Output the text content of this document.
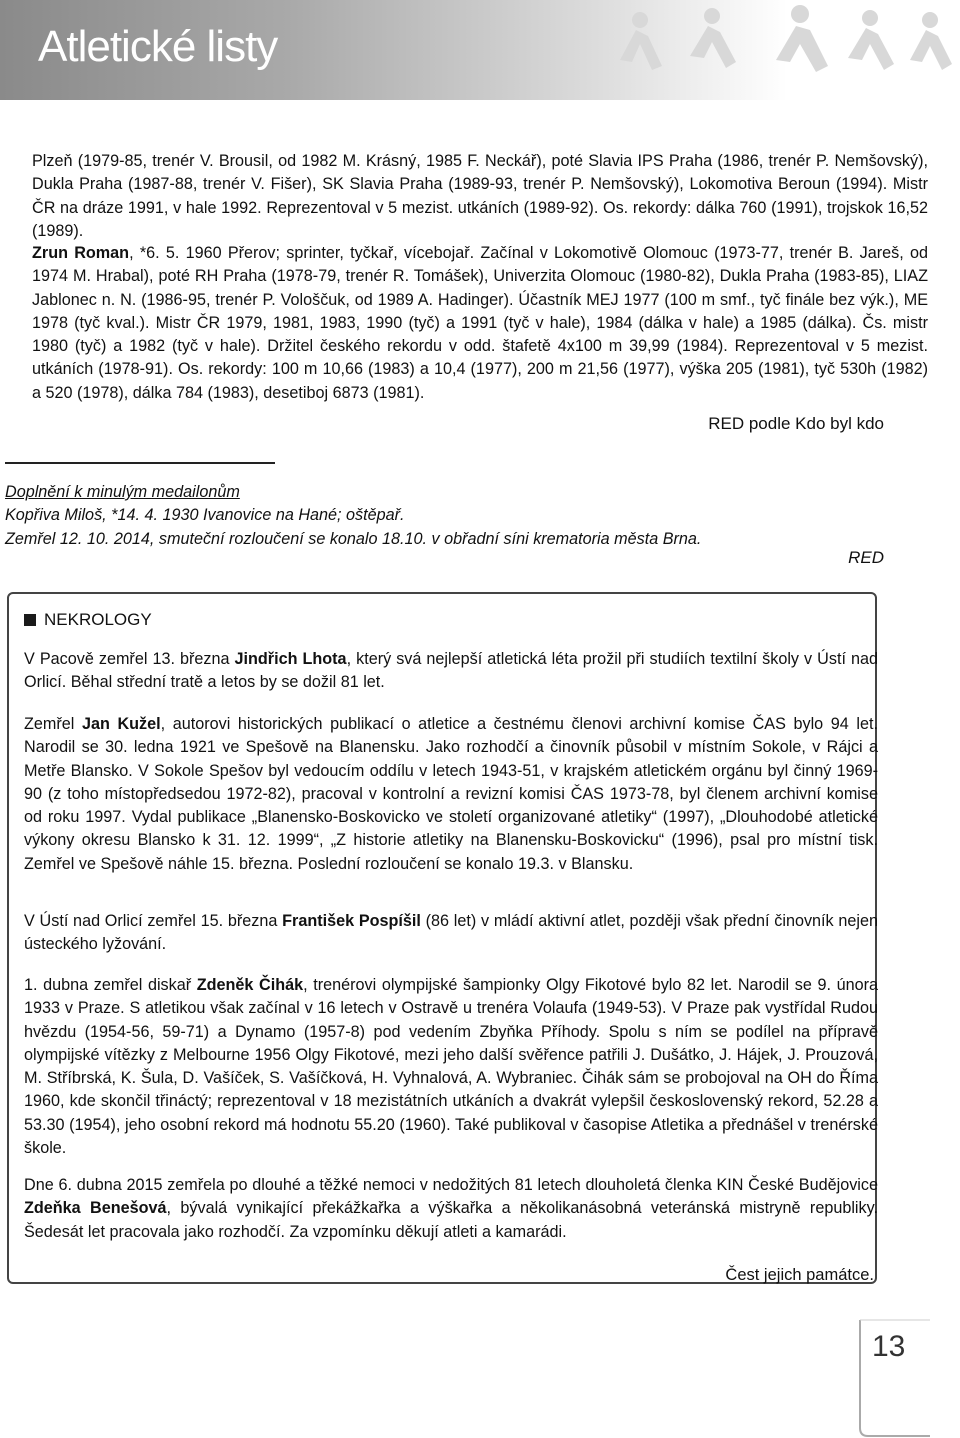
Atletické listy

Plzeň (1979-85, trenér V. Brousil, od 1982 M. Krásný, 1985 F. Neckář), poté Slavia IPS Praha (1986, trenér P. Nemšovský), Dukla Praha (1987-88, trenér V. Fišer), SK Slavia Praha (1989-93, trenér P. Nemšovský), Lokomotiva Beroun (1994). Mistr ČR na dráze 1991, v hale 1992. Reprezentoval v 5 mezist. utkáních (1989-92). Os. rekordy: dálka 760 (1991), trojskok 16,52 (1989).

Zrun Roman, *6. 5. 1960 Přerov; sprinter, tyčkař, vícebojař. Začínal v Lokomotivě Olomouc (1973-77, trenér B. Jareš, od 1974 M. Hrabal), poté RH Praha (1978-79, trenér R. Tomášek), Univerzita Olomouc (1980-82), Dukla Praha (1983-85), LIAZ Jablonec n. N. (1986-95, trenér P. Vološčuk, od 1989 A. Hadinger). Účastník MEJ 1977 (100 m smf., tyč finále bez výk.), ME 1978 (tyč kval.). Mistr ČR 1979, 1981, 1983, 1990 (tyč) a 1991 (tyč v hale), 1984 (dálka v hale) a 1985 (dálka). Čs. mistr 1980 (tyč) a 1982 (tyč v hale). Držitel českého rekordu v odd. štafetě 4x100 m 39,99 (1984). Reprezentoval v 5 mezist. utkáních (1978-91). Os. rekordy: 100 m 10,66 (1983) a 10,4 (1977), 200 m 21,56 (1977), výška 205 (1981), tyč 530h (1982) a 520 (1978), dálka 784 (1983), desetiboj 6873 (1981).

RED podle Kdo byl kdo
Doplnění k minulým medailonům
Kopřiva Miloš, *14. 4. 1930 Ivanovice na Hané; oštěpař.
Zemřel 12. 10. 2014, smuteční rozloučení se konalo 18.10. v obřadní síni krematoria města Brna.
RED
NEKROLOGY

V Pacově zemřel 13. března Jindřich Lhota, který svá nejlepší atletická léta prožil při studiích textilní školy v Ústí nad Orlicí. Běhal střední tratě a letos by se dožil 81 let.

Zemřel Jan Kužel, autorovi historických publikací o atletice a čestnému členovi archivní komise ČAS bylo 94 let. Narodil se 30. ledna 1921 ve Spešově na Blanensku. Jako rozhodčí a činovník působil v místním Sokole, v Rájci a Metře Blansko. V Sokole Spešov byl vedoucím oddílu v letech 1943-51, v krajském atletickém orgánu byl činný 1969-90 (z toho místopředsedou 1972-82), pracoval v kontrolní a revizní komisi ČAS 1973-78, byl členem archivní komise od roku 1997. Vydal publikace „Blanensko-Boskovicko ve století organizované atletiky“ (1997), „Dlouhodobé atletické výkony okresu Blansko k 31. 12. 1999“, „Z historie atletiky na Blanensku-Boskovicku“ (1996), psal pro místní tisk. Zemřel ve Spešově náhle 15. března. Poslední rozloučení se konalo 19.3. v Blansku.

V Ústí nad Orlicí zemřel 15. března František Pospíšil (86 let) v mládí aktivní atlet, později však přední činovník nejen ústeckého lyžování.

1. dubna zemřel diskař Zdeněk Čihák, trenérovi olympijské šampionky Olgy Fikotové bylo 82 let. Narodil se 9. února 1933 v Praze. S atletikou však začínal v 16 letech v Ostravě u trenéra Volaufa (1949-53). V Praze pak vystřídal Rudou hvězdu (1954-56, 59-71) a Dynamo (1957-8) pod vedením Zbyňka Příhody. Spolu s ním se podílel na přípravě olympijské vítězky z Melbourne 1956 Olgy Fikotové, mezi jeho další svěřence patřili J. Dušátko, J. Hájek, J. Prouzová, M. Stříbrská, K. Šula, D. Vašíček, S. Vašíčková, H. Vyhnalová, A. Wybraniec. Čihák sám se probojoval na OH do Říma 1960, kde skončil třináctý; reprezentoval v 18 mezistátních utkáních a dvakrát vylepšil československý rekord, 52.28 a 53.30 (1954), jeho osobní rekord má hodnotu 55.20 (1960). Také publikoval v časopise Atletika a přednášel v trenérské škole.

Dne 6. dubna 2015 zemřela po dlouhé a těžké nemoci v nedožitých 81 letech dlouholetá členka KIN České Budějovice Zdeňka Benešová, bývalá vynikající překážkařka a výškařka a několikanásobná veteránská mistryně republiky. Šedesát let pracovala jako rozhodčí. Za vzpomínku děkují atleti a kamarádi.

Čest jejich památce.
13
